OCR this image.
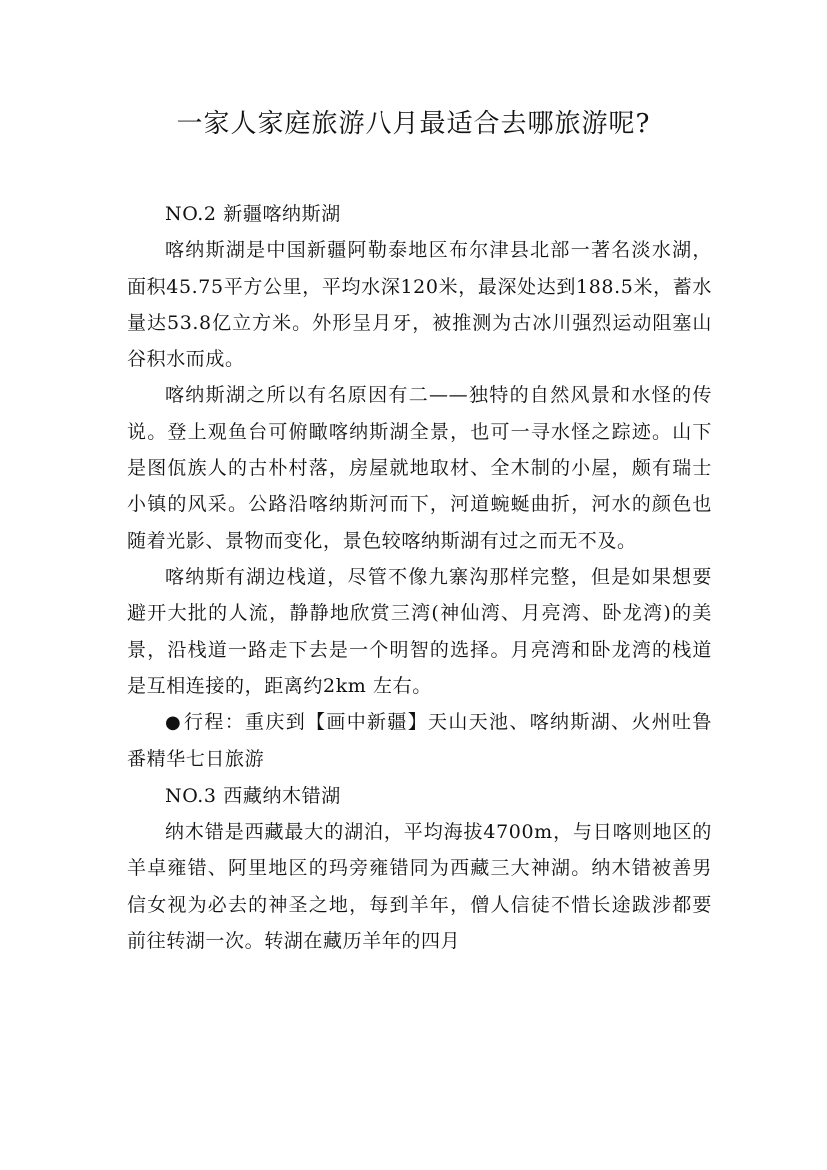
一家人家庭旅游八月最适合去哪旅游呢?

NO.2 新疆喀纳斯湖

喀纳斯湖是中国新疆阿勒泰地区布尔津县北部一著名淡水湖，面积45.75平方公里，平均水深120米，最深处达到188.5米，蓄水量达53.8亿立方米。外形呈月牙，被推测为古冰川强烈运动阻塞山谷积水而成。

喀纳斯湖之所以有名原因有二——独特的自然风景和水怪的传说。登上观鱼台可俯瞰喀纳斯湖全景，也可一寻水怪之踪迹。山下是图佤族人的古朴村落，房屋就地取材、全木制的小屋，颇有瑞士小镇的风采。公路沿喀纳斯河而下，河道蜿蜒曲折，河水的颜色也随着光影、景物而变化，景色较喀纳斯湖有过之而无不及。

喀纳斯有湖边栈道，尽管不像九寨沟那样完整，但是如果想要避开大批的人流，静静地欣赏三湾(神仙湾、月亮湾、卧龙湾)的美景，沿栈道一路走下去是一个明智的选择。月亮湾和卧龙湾的栈道是互相连接的，距离约2km 左右。

● 行程：重庆到【画中新疆】天山天池、喀纳斯湖、火州吐鲁番精华七日旅游

NO.3 西藏纳木错湖

纳木错是西藏最大的湖泊，平均海拔4700m，与日喀则地区的羊卓雍错、阿里地区的玛旁雍错同为西藏三大神湖。纳木错被善男信女视为必去的神圣之地，每到羊年，僧人信徒不惜长途跋涉都要前往转湖一次。转湖在藏历羊年的四月
